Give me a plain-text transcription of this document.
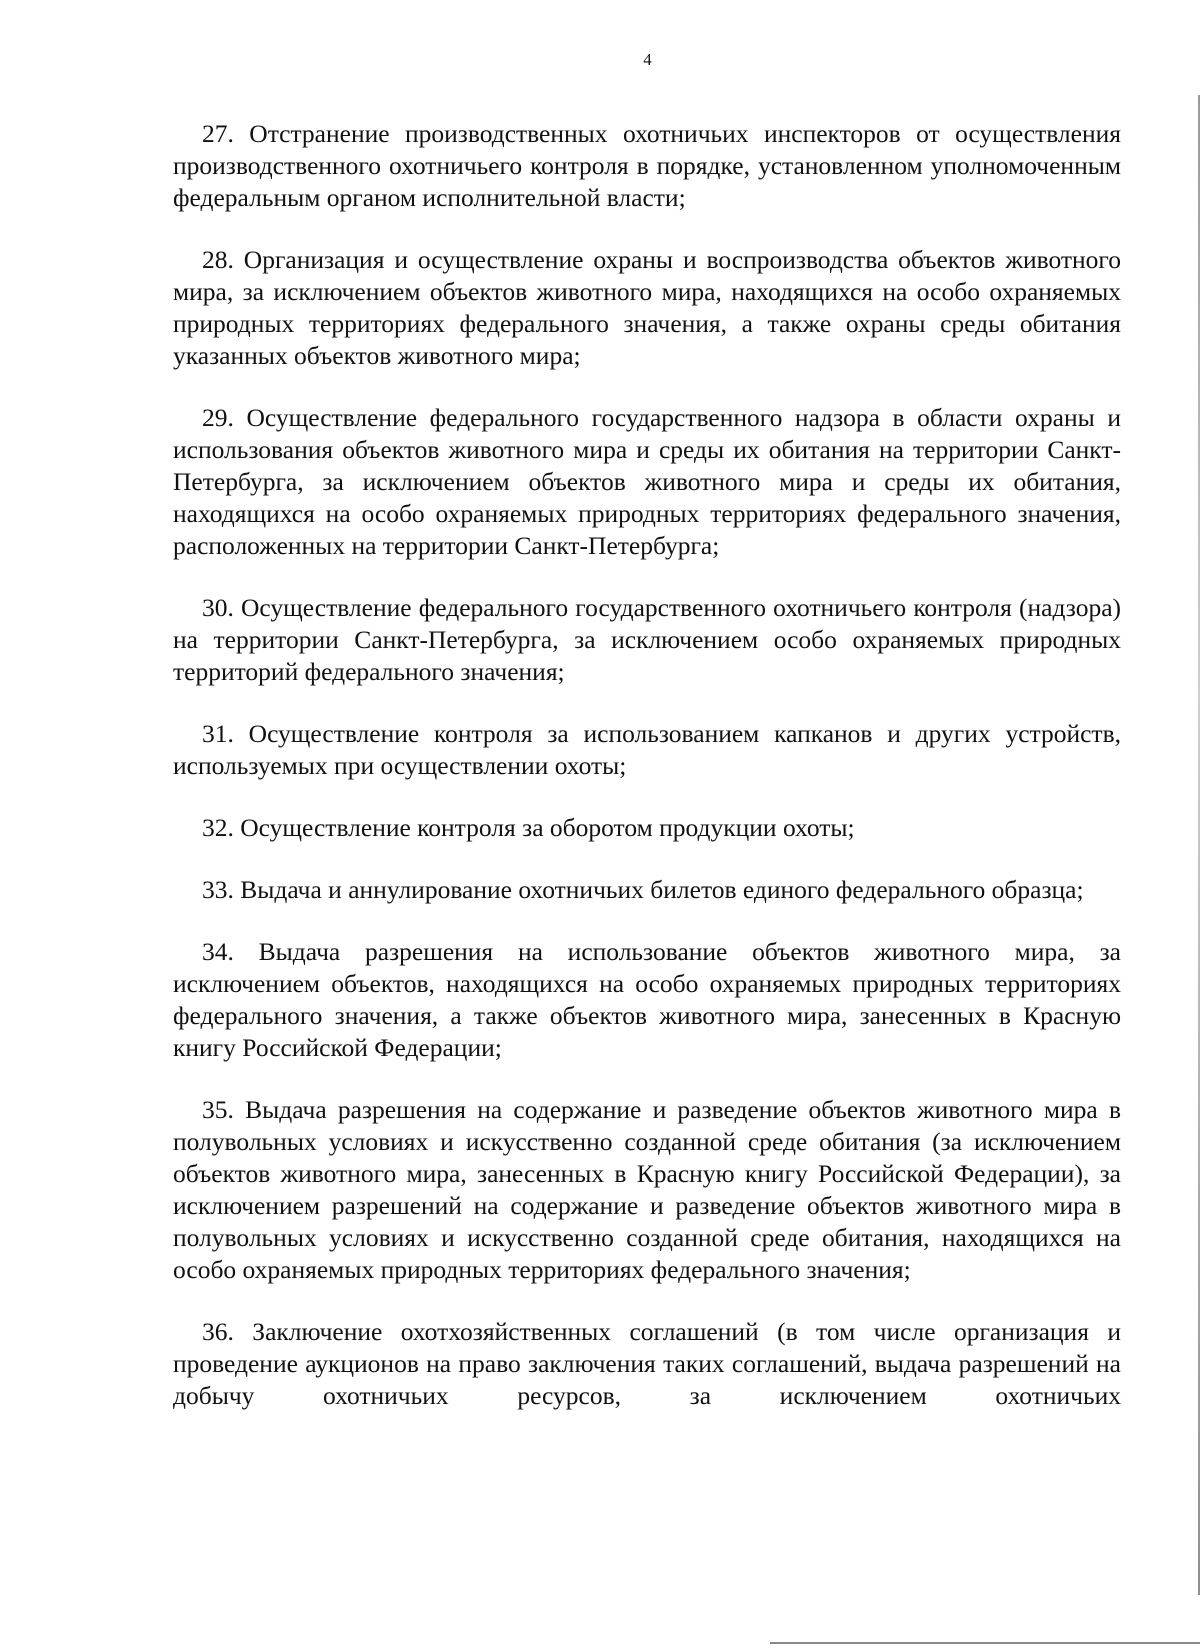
4

27. Отстранение производственных охотничьих инспекторов от осуществления производственного охотничьего контроля в порядке, установленном уполномоченным федеральным органом исполнительной власти;

28. Организация и осуществление охраны и воспроизводства объектов животного мира, за исключением объектов животного мира, находящихся на особо охраняемых природных территориях федерального значения, а также охраны среды обитания указанных объектов животного мира;

29. Осуществление федерального государственного надзора в области охраны и использования объектов животного мира и среды их обитания на территории Санкт-Петербурга, за исключением объектов животного мира и среды их обитания, находящихся на особо охраняемых природных территориях федерального значения, расположенных на территории Санкт-Петербурга;

30. Осуществление федерального государственного охотничьего контроля (надзора) на территории Санкт-Петербурга, за исключением особо охраняемых природных территорий федерального значения;

31. Осуществление контроля за использованием капканов и других устройств, используемых при осуществлении охоты;

32. Осуществление контроля за оборотом продукции охоты;

33. Выдача и аннулирование охотничьих билетов единого федерального образца;

34. Выдача разрешения на использование объектов животного мира, за исключением объектов, находящихся на особо охраняемых природных территориях федерального значения, а также объектов животного мира, занесенных в Красную книгу Российской Федерации;

35. Выдача разрешения на содержание и разведение объектов животного мира в полувольных условиях и искусственно созданной среде обитания (за исключением объектов животного мира, занесенных в Красную книгу Российской Федерации), за исключением разрешений на содержание и разведение объектов животного мира в полувольных условиях и искусственно созданной среде обитания, находящихся на особо охраняемых природных территориях федерального значения;

36. Заключение охотхозяйственных соглашений (в том числе организация и проведение аукционов на право заключения таких соглашений, выдача разрешений на добычу охотничьих ресурсов, за исключением охотничьих
